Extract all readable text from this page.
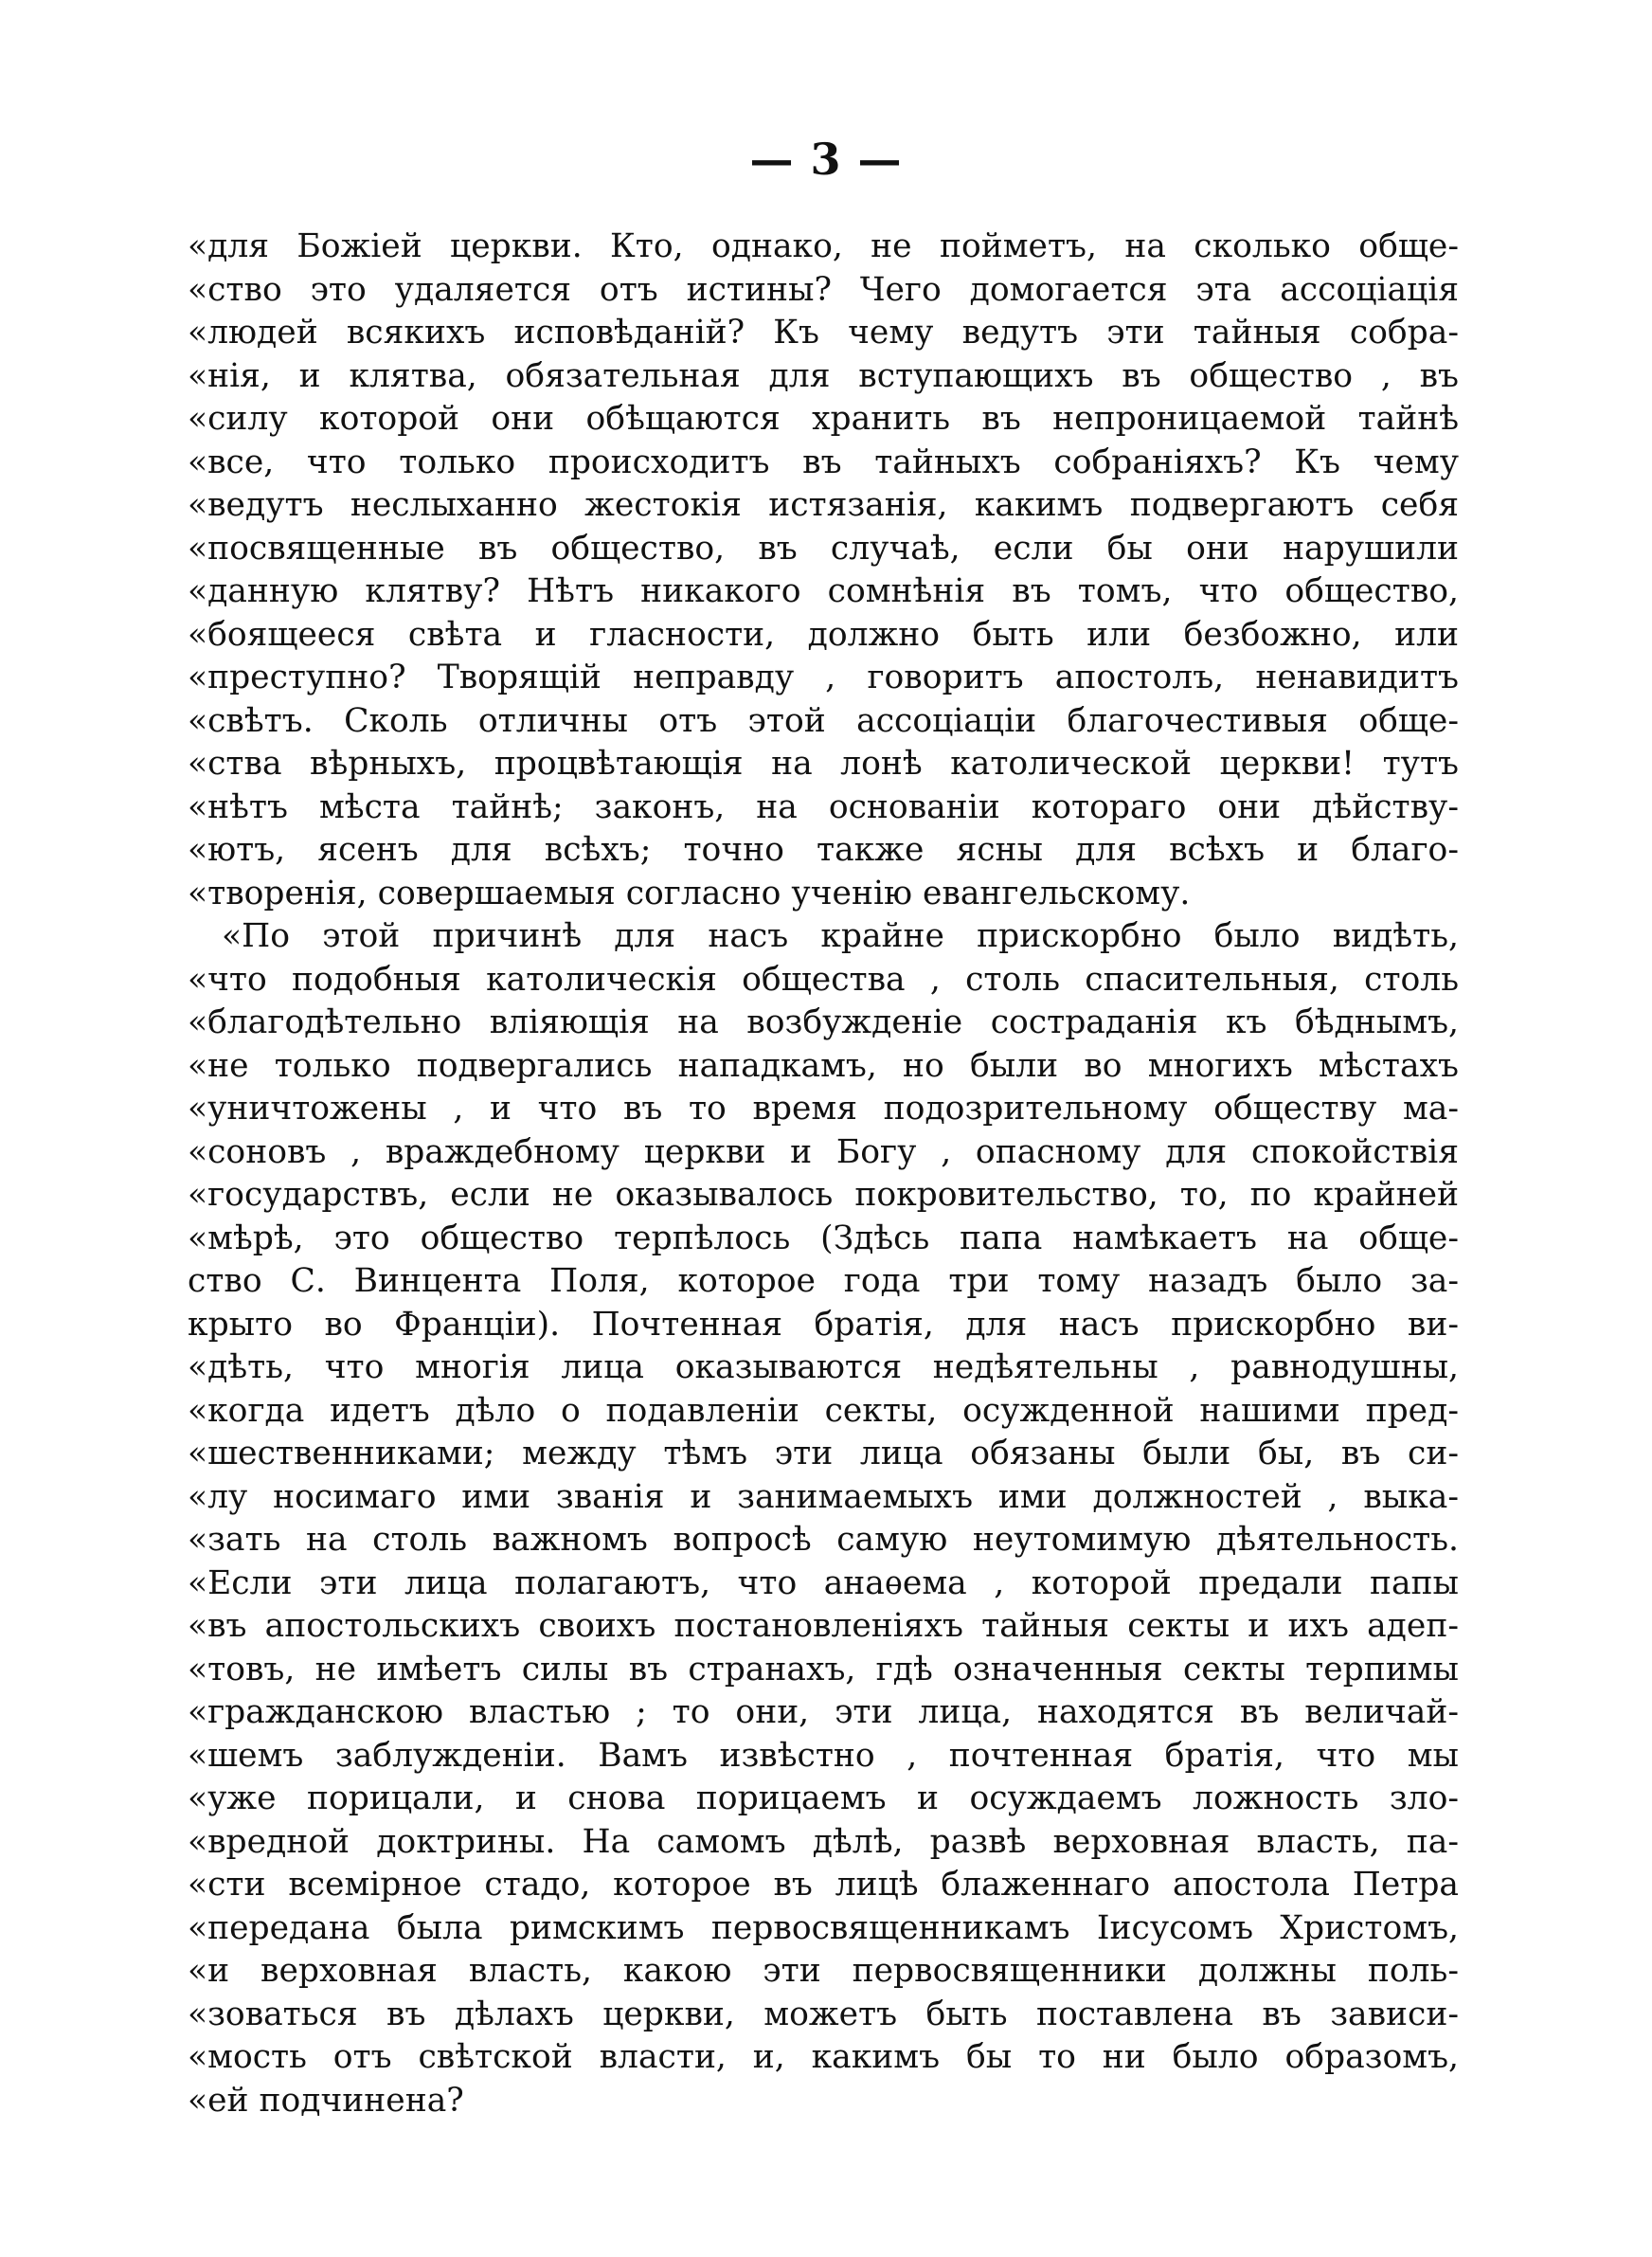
— 3 —
«для Божіей церкви. Кто, однако, не пойметъ, на сколько обще-
«ство это удаляется отъ истины? Чего домогается эта ассоціація
«людей всякихъ исповѣданій? Къ чему ведутъ эти тайныя собра-
«нія, и клятва, обязательная для вступающихъ въ общество , въ
«силу которой они обѣщаются хранить въ непроницаемой тайнѣ
«все, что только происходитъ въ тайныхъ собраніяхъ? Къ чему
«ведутъ неслыханно жестокія истязанія, какимъ подвергаютъ себя
«посвященные въ общество, въ случаѣ, если бы они нарушили
«данную клятву? Нѣтъ никакого сомнѣнія въ томъ, что общество,
«боящееся свѣта и гласности, должно быть или безбожно, или
«преступно? Творящій неправду , говоритъ апостолъ, ненавидитъ
«свѣтъ. Сколь отличны отъ этой ассоціаціи благочестивыя обще-
«ства вѣрныхъ, процвѣтающія на лонѣ католической церкви! тутъ
«нѣтъ мѣста тайнѣ; законъ, на основаніи котораго они дѣйству-
«ютъ, ясенъ для всѣхъ; точно также ясны для всѣхъ и благо-
«творенія, совершаемыя согласно ученію евангельскому.
«По этой причинѣ для насъ крайне прискорбно было видѣть,
«что подобныя католическія общества , столь спасительныя, столь
«благодѣтельно вліяющія на возбужденіе состраданія къ бѣднымъ,
«не только подвергались нападкамъ, но были во многихъ мѣстахъ
«уничтожены , и что въ то время подозрительному обществу ма-
«соновъ , враждебному церкви и Богу , опасному для спокойствія
«государствъ, если не оказывалось покровительство, то, по крайней
«мѣрѣ, это общество терпѣлось (Здѣсь папа намѣкаетъ на обще-
ство С. Винцента Поля, которое года три тому назадъ было за-
крыто во Франціи). Почтенная братія, для насъ прискорбно ви-
«дѣть, что многія лица оказываются недѣятельны , равнодушны,
«когда идетъ дѣло о подавленіи секты, осужденной нашими пред-
«шественниками; между тѣмъ эти лица обязаны были бы, въ си-
«лу носимаго ими званія и занимаемыхъ ими должностей , выка-
«зать на столь важномъ вопросѣ самую неутомимую дѣятельность.
«Если эти лица полагаютъ, что анаѳема , которой предали папы
«въ апостольскихъ своихъ постановленіяхъ тайныя секты и ихъ адеп-
«товъ, не имѣетъ силы въ странахъ, гдѣ означенныя секты терпимы
«гражданскою властью ; то они, эти лица, находятся въ величай-
«шемъ заблужденіи. Вамъ извѣстно , почтенная братія, что мы
«уже порицали, и снова порицаемъ и осуждаемъ ложность зло-
«вредной доктрины. На самомъ дѣлѣ, развѣ верховная власть, па-
«сти всемірное стадо, которое въ лицѣ блаженнаго апостола Петра
«передана была римскимъ первосвященникамъ Іисусомъ Христомъ,
«и верховная власть, какою эти первосвященники должны поль-
«зоваться въ дѣлахъ церкви, можетъ быть поставлена въ зависи-
«мость отъ свѣтской власти, и, какимъ бы то ни было образомъ,
«ей подчинена?
